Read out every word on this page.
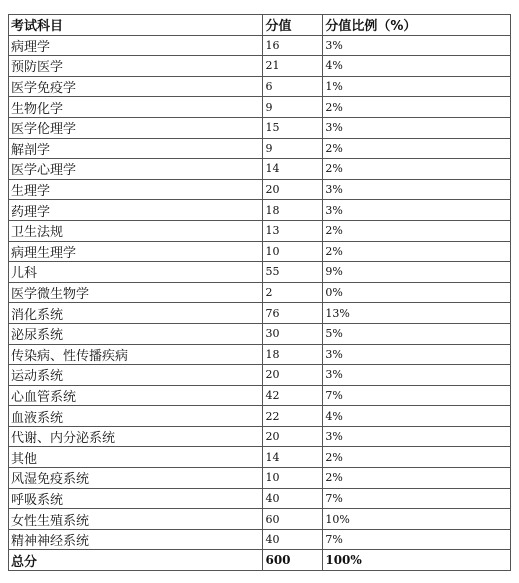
考试科目	分值	分值比例（%）
病理学	16	3%
预防医学	21	4%
医学免疫学	6	1%
生物化学	9	2%
医学伦理学	15	3%
解剖学	9	2%
医学心理学	14	2%
生理学	20	3%
药理学	18	3%
卫生法规	13	2%
病理生理学	10	2%
儿科	55	9%
医学微生物学	2	0%
消化系统	76	13%
泌尿系统	30	5%
传染病、性传播疾病	18	3%
运动系统	20	3%
心血管系统	42	7%
血液系统	22	4%
代谢、内分泌系统	20	3%
其他	14	2%
风湿免疫系统	10	2%
呼吸系统	40	7%
女性生殖系统	60	10%
精神神经系统	40	7%
总分	600	100%
